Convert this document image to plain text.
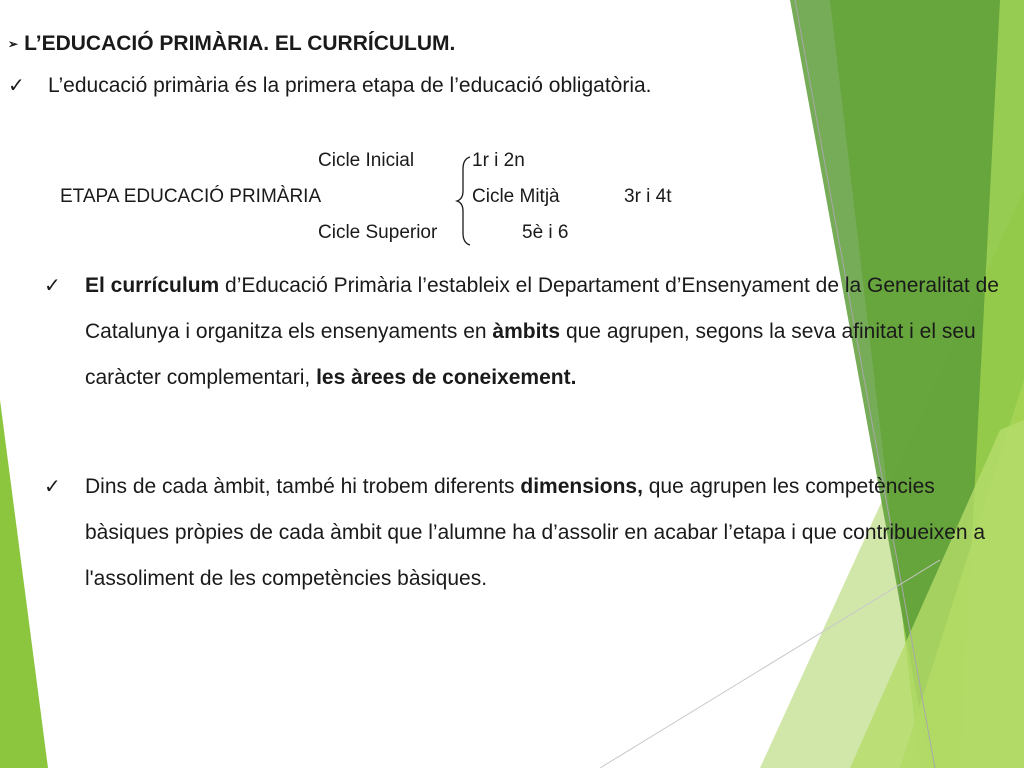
➢ L’EDUCACIÓ PRIMÀRIA. EL CURRÍCULUM.
✓ L’educació primària és la primera etapa de l’educació obligatòria.
Cicle Inicial	1r i 2n
ETAPA EDUCACIÓ PRIMÀRIA	Cicle Mitjà	3r i 4t
Cicle Superior	5è i 6
✓ El currículum d’Educació Primària l’estableix el Departament d’Ensenyament de la Generalitat de Catalunya i organitza els ensenyaments en àmbits que agrupen, segons la seva afinitat i el seu caràcter complementari, les àrees de coneixement.
✓ Dins de cada àmbit, també hi trobem diferents dimensions, que agrupen les competències bàsiques pròpies de cada àmbit que l’alumne ha d’assolir en acabar l’etapa i que contribueixen a l'assoliment de les competències bàsiques.
